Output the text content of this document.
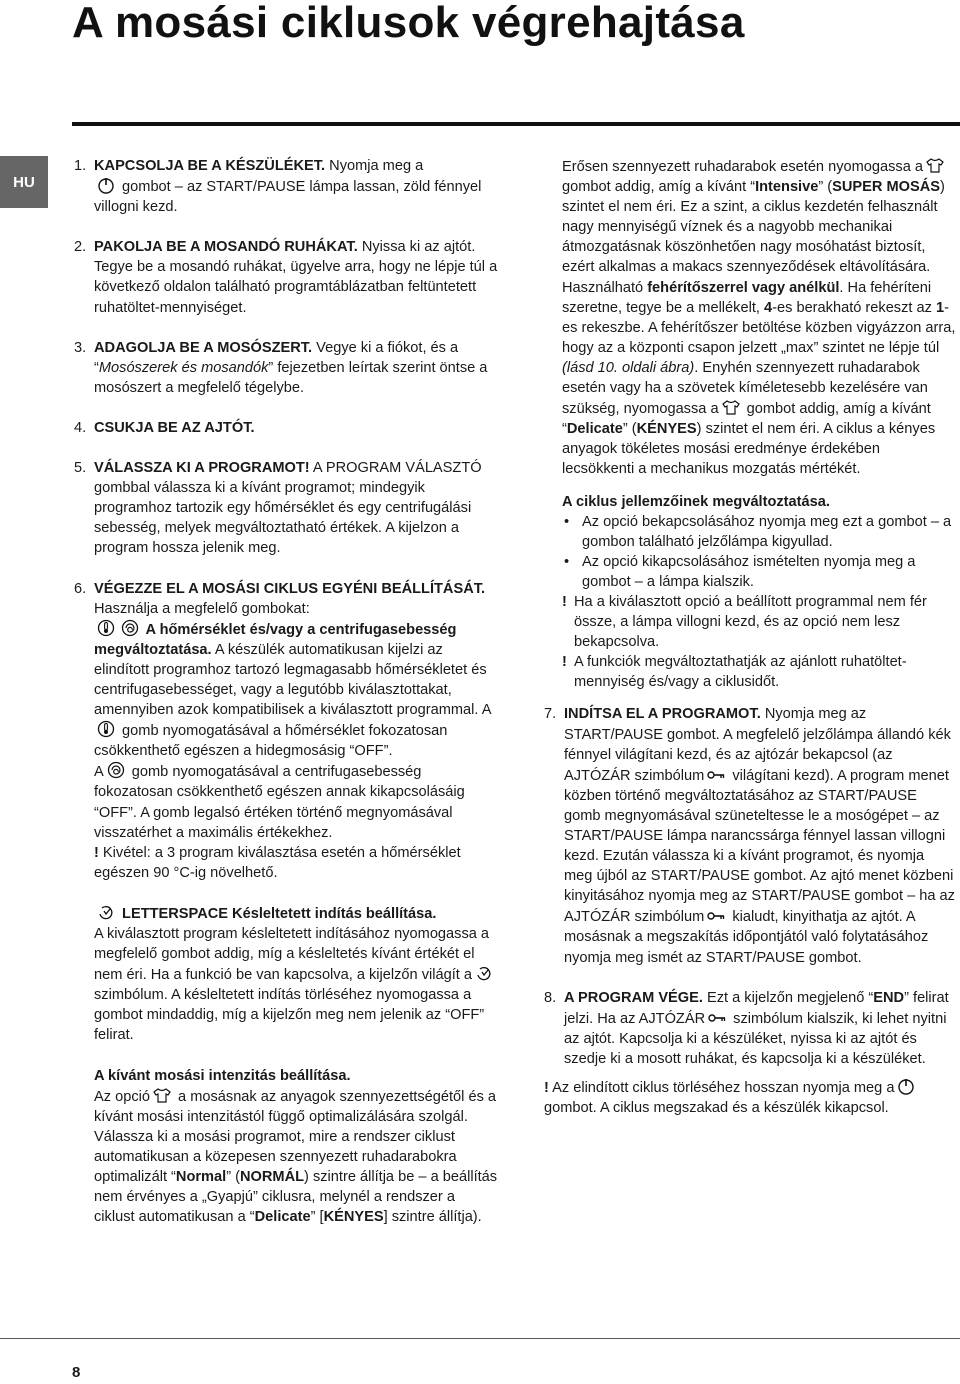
A mosási ciklusok végrehajtása
HU
1. KAPCSOLJA BE A KÉSZÜLÉKET. Nyomja meg a

gombot – az START/PAUSE lámpa lassan, zöld fénnyel villogni kezd.

2. PAKOLJA BE A MOSANDÓ RUHÁKAT. Nyissa ki az ajtót. Tegye be a mosandó ruhákat, ügyelve arra, hogy ne lépje túl a következő oldalon található programtáblázatban feltüntetett ruhatöltet-mennyiséget.

3. ADAGOLJA BE A MOSÓSZERT. Vegye ki a fiókot, és a “Mosószerek és mosandók” fejezetben leírtak szerint öntse a mosószert a megfelelő tégelybe.

4. CSUKJA BE AZ AJTÓT.

5. VÁLASSZA KI A PROGRAMOT! A PROGRAM VÁLASZTÓ gombbal válassza ki a kívánt programot; mindegyik programhoz tartozik egy hőmérséklet és egy centrifugálási sebesség, melyek megváltoztatható értékek. A kijelzon a program hossza jelenik meg.

6. VÉGEZZE EL A MOSÁSI CIKLUS EGYÉNI BEÁLLÍTÁSÁT. Használja a megfelelő gombokat:

A hőmérséklet és/vagy a centrifugasebesség megváltoztatása. A készülék automatikusan kijelzi az elindított programhoz tartozó legmagasabb hőmérsékletet és centrifugasebességet, vagy a legutóbb kiválasztottakat, amennyiben azok kompatibilisek a kiválasztott programmal. A
gomb nyomogatásával a hőmérséklet fokozatosan csökkenthető egészen a hidegmosásig “OFF”.
A
gomb nyomogatásával a centrifugasebesség fokozatosan csökkenthető egészen annak kikapcsolásáig “OFF”. A gomb legalsó értéken történő megnyomásával visszatérhet a maximális értékekhez.
! Kivétel: a 3 program kiválasztása esetén a hőmérséklet egészen 90 °C-ig növelhető.

LETTERSPACE Késleltetett indítás beállítása.
A kiválasztott program késleltetett indításához nyomogassa a megfelelő gombot addig, míg a késleltetés kívánt értékét el nem éri. Ha a funkció be van kapcsolva, a kijelzőn világít a
szimbólum. A késleltetett indítás törléséhez nyomogassa a gombot mindaddig, míg a kijelzőn meg nem jelenik az “OFF” felirat.

A kívánt mosási intenzitás beállítása.
Az opció
a mosásnak az anyagok szennyezettségétől és a kívánt mosási intenzitástól függő optimalizálására szolgál.
Válassza ki a mosási programot, mire a rendszer ciklust automatikusan a közepesen szennyezett ruhadarabokra optimalizált “Normal” (NORMÁL) szintre állítja be – a beállítás nem érvényes a „Gyapjú” ciklusra, melynél a rendszer a ciklust automatikusan a “Delicate” [KÉNYES] szintre állítja).

Erősen szennyezett ruhadarabok esetén nyomogassa a
gombot addig, amíg a kívánt “Intensive” (SUPER MOSÁS) szintet el nem éri. Ez a szint, a ciklus kezdetén felhasznált nagy mennyiségű víznek és a nagyobb mechanikai átmozgatásnak köszönhetően nagy mosóhatást biztosít, ezért alkalmas a makacs szennyeződések eltávolítására. Használható fehérítőszerrel vagy anélkül. Ha fehéríteni szeretne, tegye be a mellékelt, 4-es berakható rekeszt az 1-es rekeszbe. A fehérítőszer betöltése közben vigyázzon arra, hogy az a központi csapon jelzett „max” szintet ne lépje túl (lásd 10. oldali ábra). Enyhén szennyezett ruhadarabok esetén vagy ha a szövetek kíméletesebb kezelésére van szükség, nyomogassa a
gombot addig, amíg a kívánt “Delicate” (KÉNYES) szintet el nem éri. A ciklus a kényes anyagok tökéletes mosási eredménye érdekében lecsökkenti a mechanikus mozgatás mértékét.

A ciklus jellemzőinek megváltoztatása.

• Az opció bekapcsolásához nyomja meg ezt a gombot – a gombon található jelzőlámpa kigyullad.
• Az opció kikapcsolásához ismételten nyomja meg a gombot – a lámpa kialszik.
! Ha a kiválasztott opció a beállított programmal nem fér össze, a lámpa villogni kezd, és az opció nem lesz bekapcsolva.
! A funkciók megváltoztathatják az ajánlott ruhatöltet-mennyiség és/vagy a ciklusidőt.
7. INDÍTSA EL A PROGRAMOT. Nyomja meg az START/PAUSE gombot. A megfelelő jelzőlámpa állandó kék fénnyel világítani kezd, és az ajtózár bekapcsol (az AJTÓZÁR szimbólum
világítani kezd). A program menet közben történő megváltoztatásához az START/PAUSE gomb megnyomásával szüneteltesse le a mosógépet – az START/PAUSE lámpa narancssárga fénnyel lassan villogni kezd. Ezután válassza ki a kívánt programot, és nyomja meg újból az START/PAUSE gombot. Az ajtó menet közbeni kinyitásához nyomja meg az START/PAUSE gombot – ha az AJTÓZÁR szimbólum
kialudt, kinyithatja az ajtót. A mosásnak a megszakítás időpontjától való folytatásához nyomja meg ismét az START/PAUSE gombot.

8. A PROGRAM VÉGE. Ezt a kijelzőn megjelenő “END” felirat jelzi. Ha az AJTÓZÁR
szimbólum kialszik, ki lehet nyitni az ajtót. Kapcsolja ki a készüléket, nyissa ki az ajtót és szedje ki a mosott ruhákat, és kapcsolja ki a készüléket.

! Az elindított ciklus törléséhez hosszan nyomja meg a
gombot. A ciklus megszakad és a készülék kikapcsol.

8
